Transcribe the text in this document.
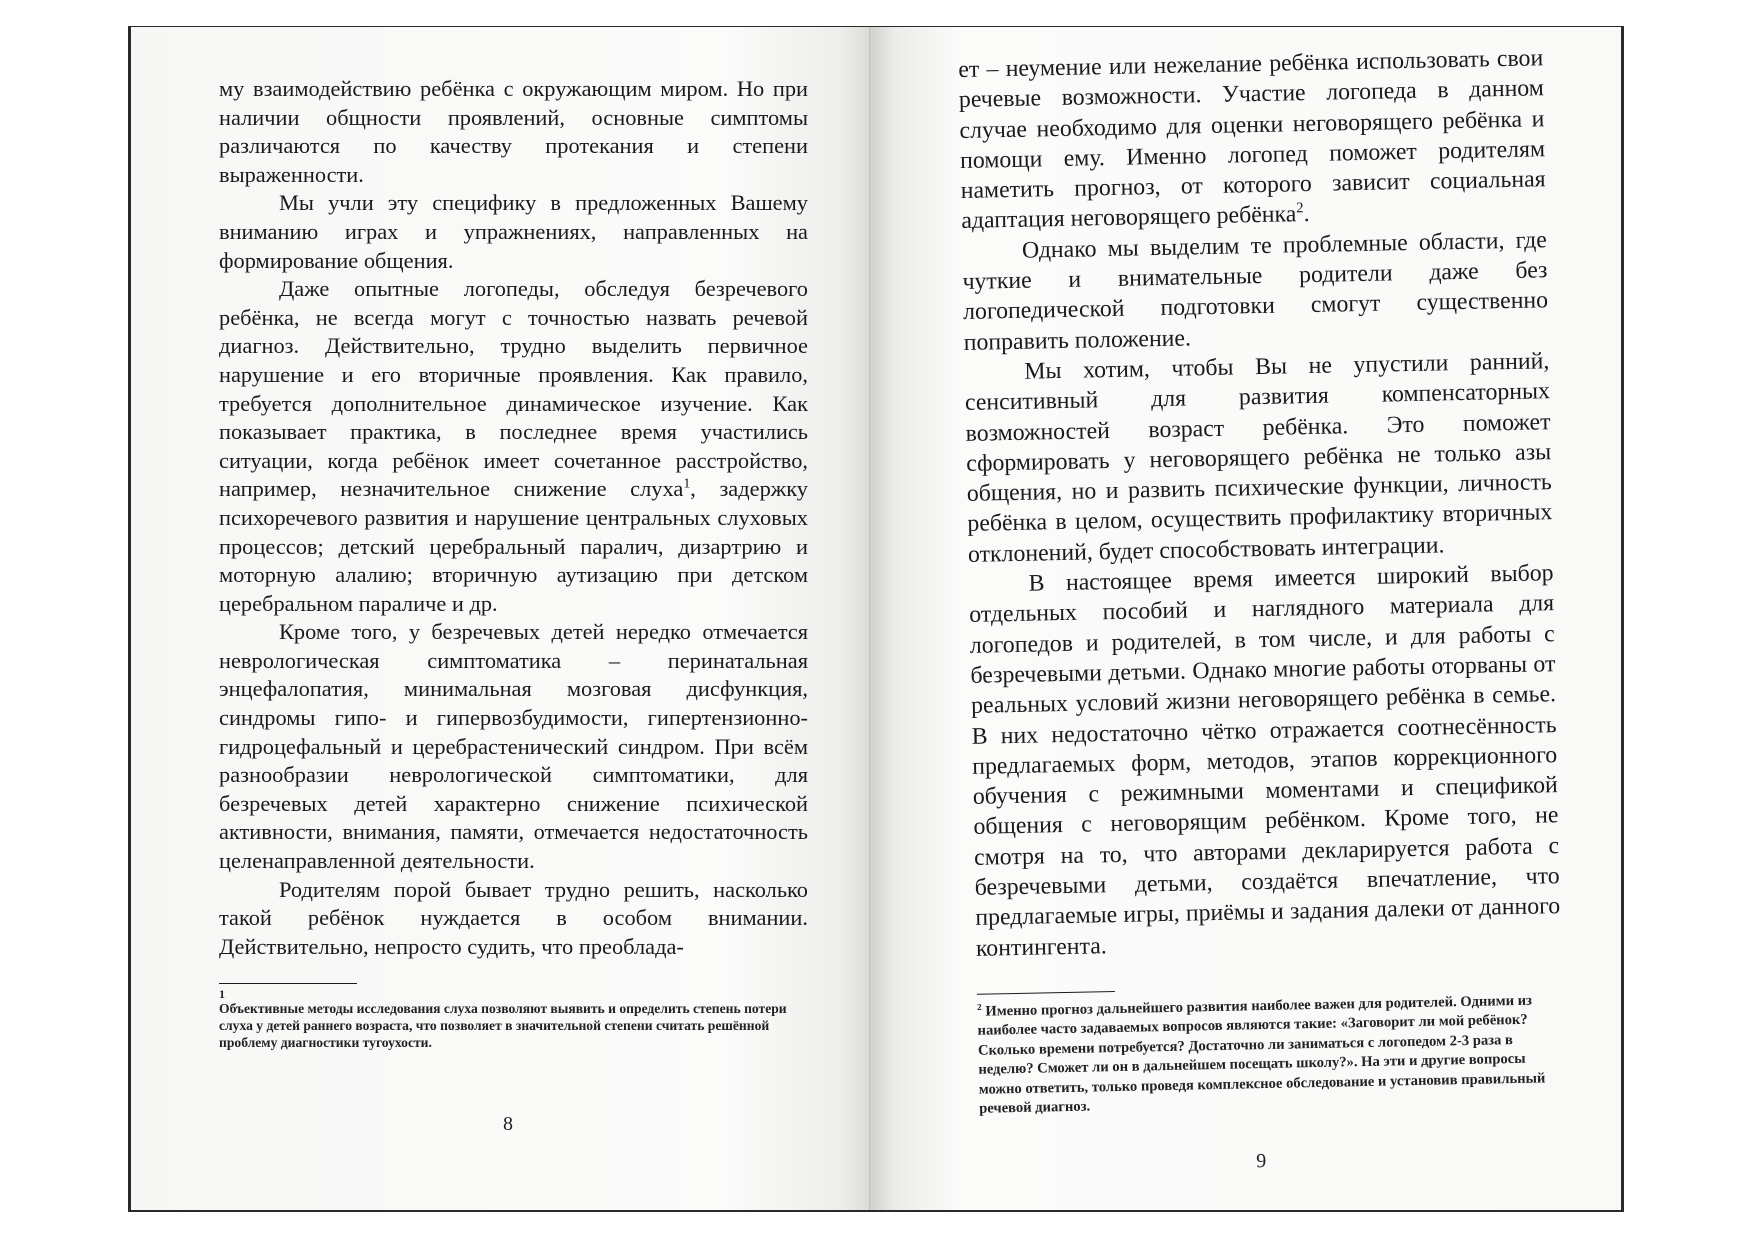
му взаимодействию ребёнка с окружающим миром. Но при наличии общности проявлений, основные симптомы различаются по качеству протекания и степени выраженности.

Мы учли эту специфику в предложенных Вашему вниманию играх и упражнениях, направленных на формирование общения.

Даже опытные логопеды, обследуя безречевого ребёнка, не всегда могут с точностью назвать речевой диагноз. Действительно, трудно выделить первичное нарушение и его вторичные проявления. Как правило, требуется дополнительное динамическое изучение. Как показывает практика, в последнее время участились ситуации, когда ребёнок имеет сочетанное расстройство, например, незначительное снижение слуха$^1$, задержку психоречевого развития и нарушение центральных слуховых процессов; детский церебральный паралич, дизартрию и моторную алалию; вторичную аутизацию при детском церебральном параличе и др.

Кроме того, у безречевых детей нередко отмечается неврологическая симптоматика – перинатальная энцефалопатия, минимальная мозговая дисфункция, синдромы гипо- и гипервозбудимости, гипертензионно-гидроцефальный и церебрастенический синдром. При всём разнообразии неврологической симптоматики, для безречевых детей характерно снижение психической активности, внимания, памяти, отмечается недостаточность целенаправленной деятельности.

Родителям порой бывает трудно решить, насколько такой ребёнок нуждается в особом внимании. Действительно, непросто судить, что преоблада-

1
Объективные методы исследования слуха позволяют выявить и определить степень потери слуха у детей раннего возраста, что позволяет в значительной степени считать решённой проблему диагностики тугоухости.

8

ет – неумение или нежелание ребёнка использовать свои речевые возможности. Участие логопеда в данном случае необходимо для оценки неговорящего ребёнка и помощи ему. Именно логопед поможет родителям наметить прогноз, от которого зависит социальная адаптация неговорящего ребёнка$^2$.

Однако мы выделим те проблемные области, где чуткие и внимательные родители даже без логопедической подготовки смогут существенно поправить положение.

Мы хотим, чтобы Вы не упустили ранний, сенситивный для развития компенсаторных возможностей возраст ребёнка. Это поможет сформировать у неговорящего ребёнка не только азы общения, но и развить психические функции, личность ребёнка в целом, осуществить профилактику вторичных отклонений, будет способствовать интеграции.

В настоящее время имеется широкий выбор отдельных пособий и наглядного материала для логопедов и родителей, в том числе, и для работы с безречевыми детьми. Однако многие работы оторваны от реальных условий жизни неговорящего ребёнка в семье. В них недостаточно чётко отражается соотнесённость предлагаемых форм, методов, этапов коррекционного обучения с режимными моментами и спецификой общения с неговорящим ребёнком. Кроме того, не смотря на то, что авторами декларируется работа с безречевыми детьми, создаётся впечатление, что предлагаемые игры, приёмы и задания далеки от данного контингента.

$^2$ Именно прогноз дальнейшего развития наиболее важен для родителей. Одними из наиболее часто задаваемых вопросов являются такие: «Заговорит ли мой ребёнок? Сколько времени потребуется? Достаточно ли заниматься с логопедом 2-3 раза в неделю? Сможет ли он в дальнейшем посещать школу?». На эти и другие вопросы можно ответить, только проведя комплексное обследование и установив правильный речевой диагноз.

9
